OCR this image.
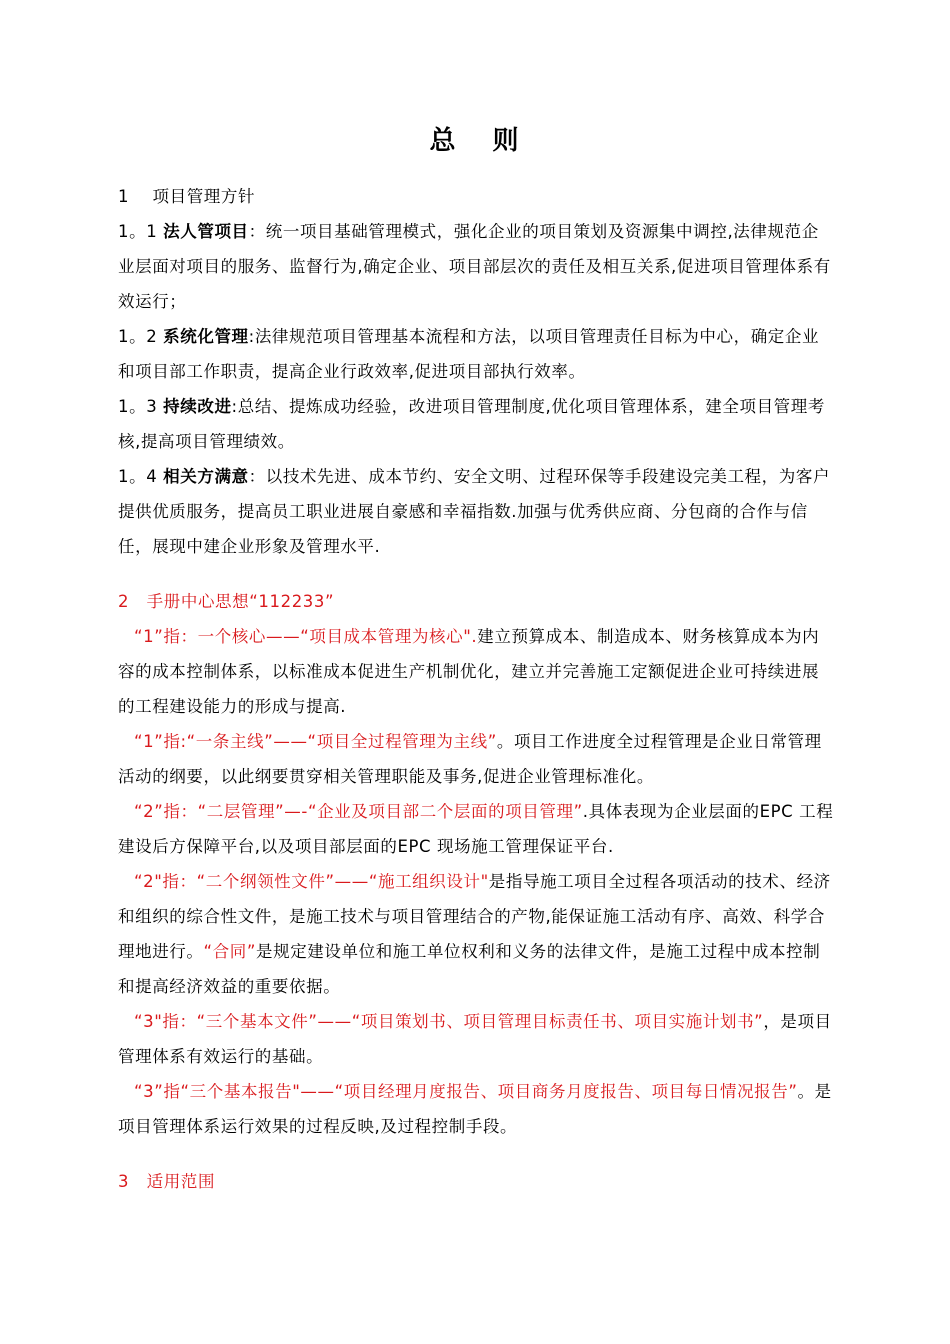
总 则
1 项目管理方针

1。1 法人管项目：统一项目基础管理模式，强化企业的项目策划及资源集中调控,法律规范企业层面对项目的服务、监督行为,确定企业、项目部层次的责任及相互关系,促进项目管理体系有效运行；

1。2 系统化管理:法律规范项目管理基本流程和方法，以项目管理责任目标为中心，确定企业和项目部工作职责，提高企业行政效率,促进项目部执行效率。

1。3 持续改进:总结、提炼成功经验，改进项目管理制度,优化项目管理体系，建全项目管理考核,提高项目管理绩效。

1。4 相关方满意：以技术先进、成本节约、安全文明、过程环保等手段建设完美工程，为客户提供优质服务，提高员工职业进展自豪感和幸福指数.加强与优秀供应商、分包商的合作与信任，展现中建企业形象及管理水平.

2 手册中心思想“112233”

“1”指：一个核心——“项目成本管理为核心".建立预算成本、制造成本、财务核算成本为内容的成本控制体系，以标准成本促进生产机制优化，建立并完善施工定额促进企业可持续进展的工程建设能力的形成与提高.

“1”指:“一条主线”——“项目全过程管理为主线”。项目工作进度全过程管理是企业日常管理活动的纲要，以此纲要贯穿相关管理职能及事务,促进企业管理标准化。

“2”指：“二层管理”—-“企业及项目部二个层面的项目管理”.具体表现为企业层面的EPC 工程建设后方保障平台,以及项目部层面的EPC 现场施工管理保证平台.

“2"指：“二个纲领性文件”——“施工组织设计"是指导施工项目全过程各项活动的技术、经济和组织的综合性文件，是施工技术与项目管理结合的产物,能保证施工活动有序、高效、科学合理地进行。“合同”是规定建设单位和施工单位权利和义务的法律文件，是施工过程中成本控制和提高经济效益的重要依据。

“3"指：“三个基本文件”——“项目策划书、项目管理目标责任书、项目实施计划书”，是项目管理体系有效运行的基础。

“3”指“三个基本报告"——“项目经理月度报告、项目商务月度报告、项目每日情况报告”。是项目管理体系运行效果的过程反映,及过程控制手段。

3 适用范围
